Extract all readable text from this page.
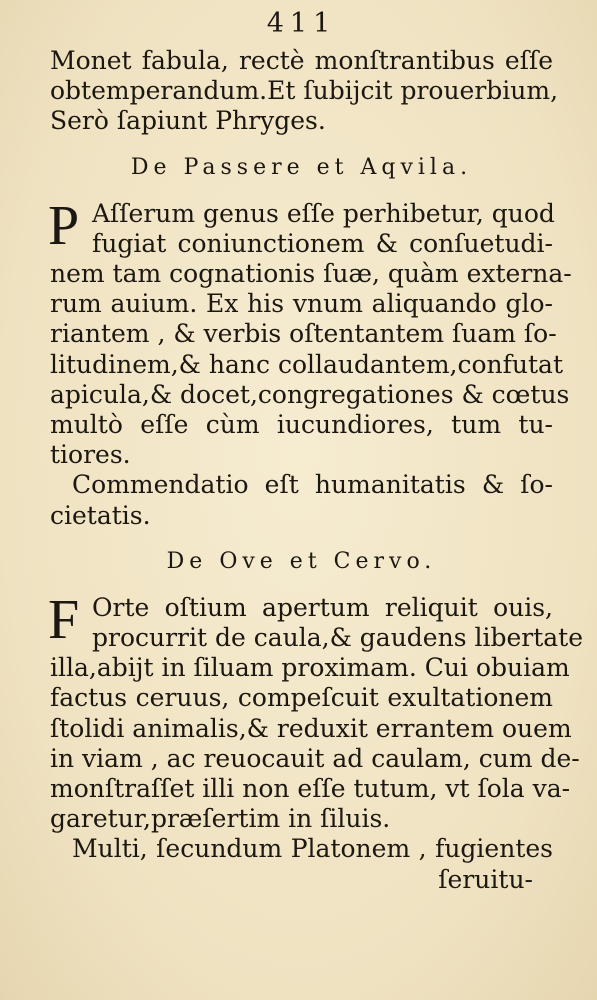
411
Monet fabula, rectè monſtrantibus eſſe
obtemperandum.Et ſubijcit prouerbium,
Serò ſapiunt Phryges.
De Passere et Aqvila.
P Aſſerum genus eſſe perhibetur, quod
fugiat coniunctionem & conſuetudi-
nem tam cognationis ſuæ, quàm externa-
rum auium. Ex his vnum aliquando glo-
riantem , & verbis oſtentantem ſuam ſo-
litudinem,& hanc collaudantem,confutat
apicula,& docet,congregationes & cœtus
multò eſſe cùm iucundiores, tum tu-
tiores.
Commendatio eſt humanitatis & ſo-
cietatis.
De Ove et Cervo.
F Orte oſtium apertum reliquit ouis,
procurrit de caula,& gaudens libertate
illa,abijt in ſiluam proximam. Cui obuiam
factus ceruus, compeſcuit exultationem
ſtolidi animalis,& reduxit errantem ouem
in viam , ac reuocauit ad caulam, cum de-
monſtraſſet illi non eſſe tutum, vt ſola va-
garetur,præſertim in ſiluis.
Multi, ſecundum Platonem , fugientes
ſeruitu-
